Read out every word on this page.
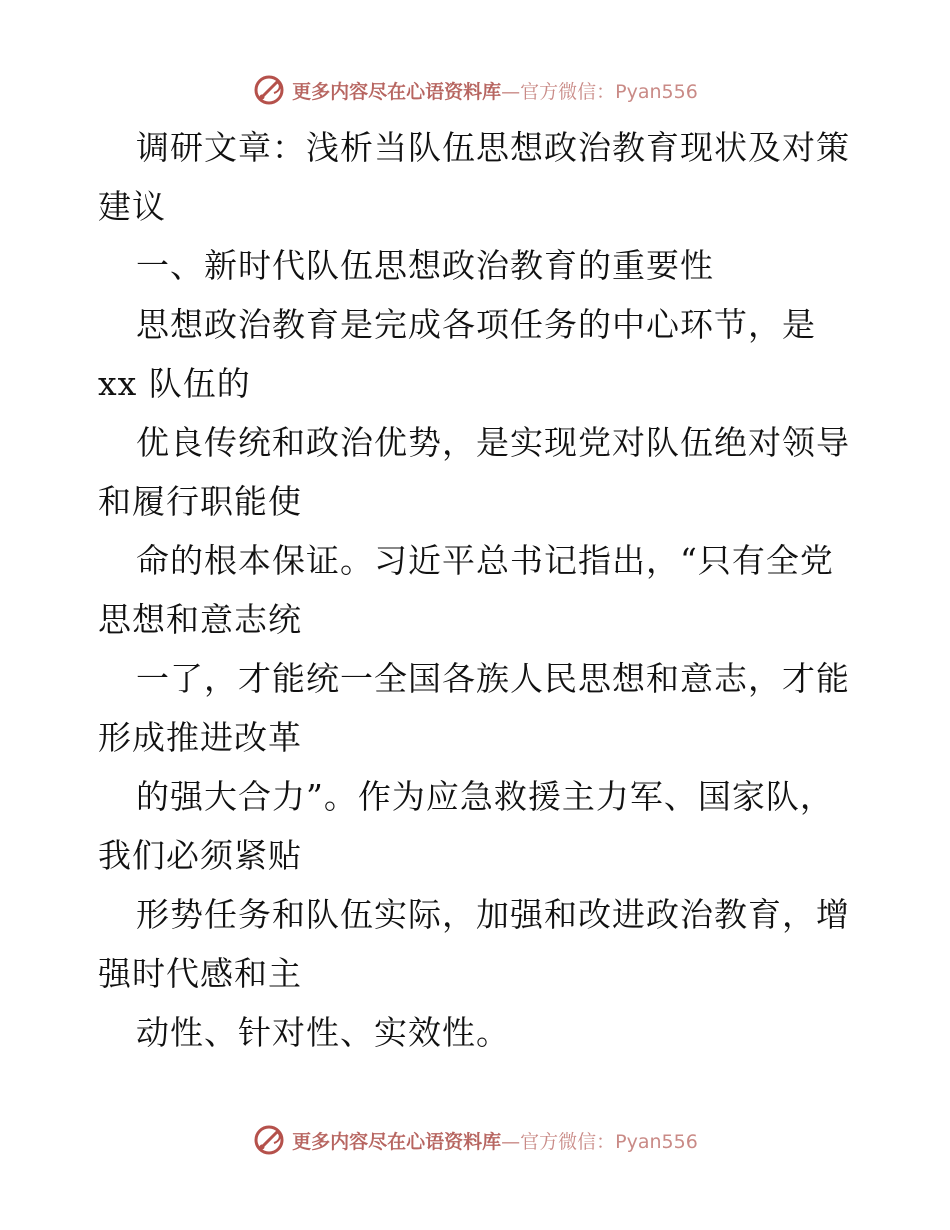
更多内容尽在心语资料库—官方微信：Pyan556
调研文章：浅析当队伍思想政治教育现状及对策
建议
一、新时代队伍思想政治教育的重要性
思想政治教育是完成各项任务的中心环节，是
xx 队伍的
优良传统和政治优势，是实现党对队伍绝对领导
和履行职能使
命的根本保证。习近平总书记指出，“只有全党
思想和意志统
一了，才能统一全国各族人民思想和意志，才能
形成推进改革
的强大合力”。作为应急救援主力军、国家队，
我们必须紧贴
形势任务和队伍实际，加强和改进政治教育，增
强时代感和主
动性、针对性、实效性。
更多内容尽在心语资料库—官方微信：Pyan556
